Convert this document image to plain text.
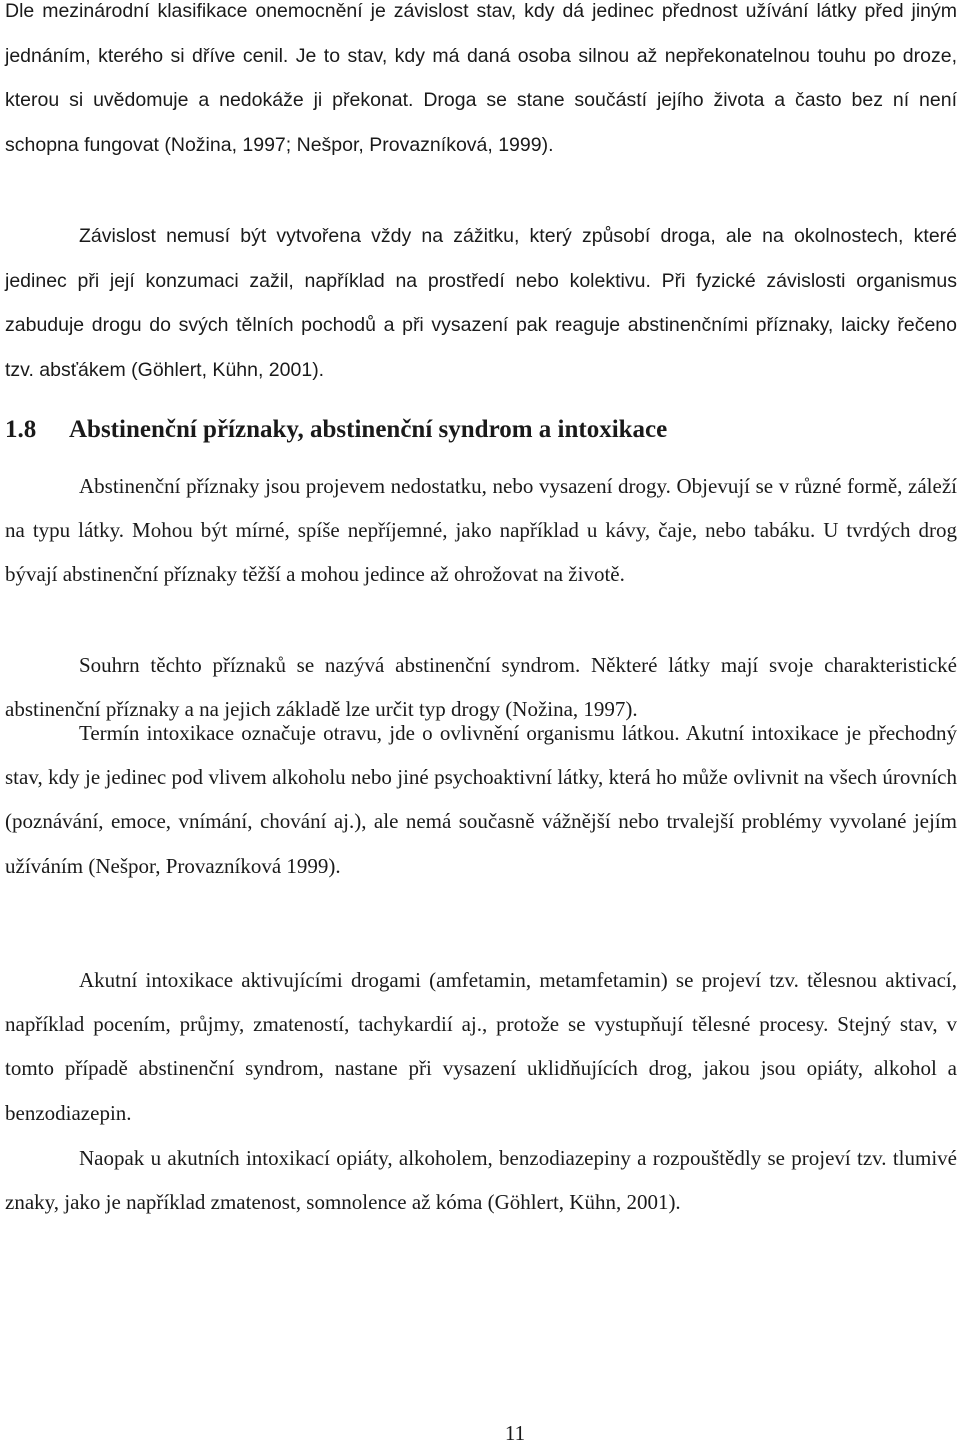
Dle mezinárodní klasifikace onemocnění je závislost stav, kdy dá jedinec přednost užívání látky před jiným jednáním, kterého si dříve cenil. Je to stav, kdy má daná osoba silnou až nepřekonatelnou touhu po droze, kterou si uvědomuje a nedokáže ji překonat. Droga se stane součástí jejího života a často bez ní není schopna fungovat (Nožina, 1997; Nešpor, Provazníková, 1999).

Závislost nemusí být vytvořena vždy na zážitku, který způsobí droga, ale na okolnostech, které jedinec při její konzumaci zažil, například na prostředí nebo kolektivu. Při fyzické závislosti organismus zabuduje drogu do svých tělních pochodů a při vysazení pak reaguje abstinenčními příznaky, laicky řečeno tzv. absťákem (Göhlert, Kühn, 2001).

1.8 Abstinenční příznaky, abstinenční syndrom a intoxikace

Abstinenční příznaky jsou projevem nedostatku, nebo vysazení drogy. Objevují se v různé formě, záleží na typu látky. Mohou být mírné, spíše nepříjemné, jako například u kávy, čaje, nebo tabáku. U tvrdých drog bývají abstinenční příznaky těžší a mohou jedince až ohrožovat na životě.

Souhrn těchto příznaků se nazývá abstinenční syndrom. Některé látky mají svoje charakteristické abstinenční příznaky a na jejich základě lze určit typ drogy (Nožina, 1997).

Termín intoxikace označuje otravu, jde o ovlivnění organismu látkou. Akutní intoxikace je přechodný stav, kdy je jedinec pod vlivem alkoholu nebo jiné psychoaktivní látky, která ho může ovlivnit na všech úrovních (poznávání, emoce, vnímání, chování aj.), ale nemá současně vážnější nebo trvalejší problémy vyvolané jejím užíváním (Nešpor, Provazníková 1999).

Akutní intoxikace aktivujícími drogami (amfetamin, metamfetamin) se projeví tzv. tělesnou aktivací, například pocením, průjmy, zmateností, tachykardií aj., protože se vystupňují tělesné procesy. Stejný stav, v tomto případě abstinenční syndrom, nastane při vysazení uklidňujících drog, jakou jsou opiáty, alkohol a benzodiazepin.

Naopak u akutních intoxikací opiáty, alkoholem, benzodiazepiny a rozpouštědly se projeví tzv. tlumivé znaky, jako je například zmatenost, somnolence až kóma (Göhlert, Kühn, 2001).

11
